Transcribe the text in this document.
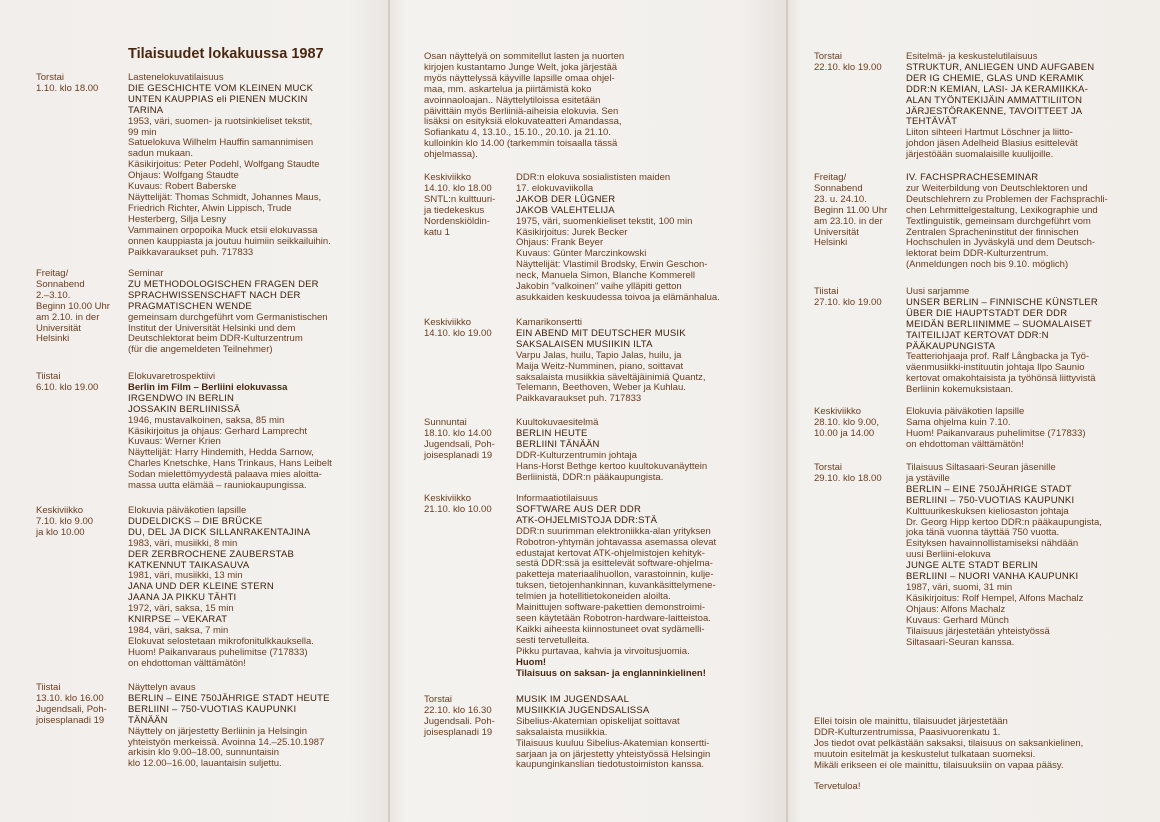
Tilaisuudet lokakuussa 1987
Torstai
1.10. klo 18.00
Lastenelokuvatilaisuus
DIE GESCHICHTE VOM KLEINEN MUCK
UNTEN KAUPPIAS eli PIENEN MUCKIN
TARINA
1953, väri, suomen- ja ruotsinkieliset tekstit,
99 min
Satuelokuva Wilhelm Hauffin samannimisen
sadun mukaan.
Käsikirjoitus: Peter Podehl, Wolfgang Staudte
Ohjaus: Wolfgang Staudte
Kuvaus: Robert Baberske
Näyttelijät: Thomas Schmidt, Johannes Maus,
Friedrich Richter, Alwin Lippisch, Trude
Hesterberg, Silja Lesny
Vammainen orpopoika Muck etsii elokuvassa
onnen kauppiasta ja joutuu huimiin seikkailuihin.
Paikkavaraukset puh. 717833
Freitag/
Sonnabend
2.–3.10.
Beginn 10.00 Uhr
am 2.10. in der
Universität
Helsinki
Seminar
ZU METHODOLOGISCHEN FRAGEN DER
SPRACHWISSENSCHAFT NACH DER
PRAGMATISCHEN WENDE
gemeinsam durchgeführt vom Germanistischen
Institut der Universität Helsinki und dem
Deutschlektorat beim DDR-Kulturzentrum
(für die angemeldeten Teilnehmer)
Tiistai
6.10. klo 19.00
Elokuvaretrospektiivi
Berlin im Film – Berliini elokuvassa
IRGENDWO IN BERLIN
JOSSAKIN BERLIINISSÄ
1946, mustavalkoinen, saksa, 85 min
Käsikirjoitus ja ohjaus: Gerhard Lamprecht
Kuvaus: Werner Krien
Näyttelijät: Harry Hindemith, Hedda Sarnow,
Charles Knetschke, Hans Trinkaus, Hans Leibelt
Sodan mielettömyydestä palaava mies aloitta-
massa uutta elämää – rauniokaupungissa.
Keskiviikko
7.10. klo 9.00
ja klo 10.00
Elokuvia päiväkotien lapsille
DUDELDICKS – DIE BRÜCKE
DU, DEL JA DICK SILLANRAKENTAJINA
1983, väri, musiikki, 8 min
DER ZERBROCHENE ZAUBERSTAB
KATKENNUT TAIKASAUVA
1981, väri, musiikki, 13 min
JANA UND DER KLEINE STERN
JAANA JA PIKKU TÄHTI
1972, väri, saksa, 15 min
KNIRPSE – VEKARAT
1984, väri, saksa, 7 min
Elokuvat selostetaan mikrofonitulkkauksella.
Huom! Paikanvaraus puhelimitse (717833)
on ehdottoman välttämätön!
Tiistai
13.10. klo 16.00
Jugendsali, Poh-
joisesplanadi 19
Näyttelyn avaus
BERLIN – EINE 750JÄHRIGE STADT HEUTE
BERLIINI – 750-VUOTIAS KAUPUNKI
TÄNÄÄN
Näyttely on järjestetty Berliinin ja Helsingin
yhteistyön merkeissä. Avoinna 14.–25.10.1987
arkisin klo 9.00–18.00, sunnuntaisin
klo 12.00–16.00, lauantaisin suljettu.
Osan näyttelyä on sommitellut lasten ja nuorten
kirjojen kustantamo Junge Welt, joka järjestää
myös näyttelyssä käyville lapsille omaa ohjel-
maa, mm. askartelua ja piirtämistä koko
avoinnaoloajan.. Näyttelytiloissa esitetään
päivittäin myös Berliiniä-aiheisia elokuvia. Sen
lisäksi on esityksiä elokuvateatteri Amandassa,
Sofiankatu 4, 13.10., 15.10., 20.10. ja 21.10.
kulloinkin klo 14.00 (tarkemmin toisaalla tässä
ohjelmassa).
Keskiviikko
14.10. klo 18.00
SNTL:n kulttuuri-
ja tiedekeskus
Nordenskiöldin-
katu 1
DDR:n elokuva sosialististen maiden
17. elokuvaviikolla
JAKOB DER LÜGNER
JAKOB VALEHTELIJA
1975, väri, suomenkieliset tekstit, 100 min
Käsikirjoitus: Jurek Becker
Ohjaus: Frank Beyer
Kuvaus: Günter Marczinkowski
Näyttelijät: Vlastimil Brodsky, Erwin Geschon-
neck, Manuela Simon, Blanche Kommerell
Jakobin "valkoinen" vaihe ylläpiti getton
asukkaiden keskuudessa toivoa ja elämänhalua.
Keskiviikko
14.10. klo 19.00
Kamarikonsertti
EIN ABEND MIT DEUTSCHER MUSIK
SAKSALAISEN MUSIIKIN ILTA
Varpu Jalas, huilu, Tapio Jalas, huilu, ja
Maija Weitz-Numminen, piano, soittavat
saksalaista musiikkia säveltäjäinimiä Quantz,
Telemann, Beethoven, Weber ja Kuhlau.
Paikkavaraukset puh. 717833
Sunnuntai
18.10. klo 14.00
Jugendsali, Poh-
joisesplanadi 19
Kuultokuvaesitelmä
BERLIN HEUTE
BERLIINI TÄNÄÄN
DDR-Kulturzentrumin johtaja
Hans-Horst Bethge kertoo kuultokuvanäyttein
Berliinistä, DDR:n pääkaupungista.
Keskiviikko
21.10. klo 10.00
Informaatiotilaisuus
SOFTWARE AUS DER DDR
ATK-OHJELMISTOJA DDR:STÄ
DDR:n suurimman elektroniikka-alan yrityksen
Robotron-yhtymän johtavassa asemassa olevat
edustajat kertovat ATK-ohjelmistojen kehityk-
sestä DDR:ssä ja esittelevät software-ohjelma-
paketteja materiaalihuollon, varastoinnin, kulje-
tuksen, tietojenhankinnan, kuvankäsittelymene-
telmien ja hotellitietokoneiden aloilta.
Mainittujen software-pakettien demonstroimi-
seen käytetään Robotron-hardware-laitteistoa.
Kaikki aiheesta kiinnostuneet ovat sydämelli-
sesti tervetulleita.
Pikku purtavaa, kahvia ja virvoitusjuomia.
Huom!
Tilaisuus on saksan- ja englanninkielinen!
Torstai
22.10. klo 16.30
Jugendsali. Poh-
joisesplanadi 19
MUSIK IM JUGENDSAAL
MUSIIKKIA JUGENDSALISSA
Sibelius-Akatemian opiskelijat soittavat
saksalaista musiikkia.
Tilaisuus kuuluu Sibelius-Akatemian konsertti-
sarjaan ja on järjestetty yhteistyössä Helsingin
kaupunginkanslian tiedotustoimiston kanssa.
Torstai
22.10. klo 19.00
Esitelmä- ja keskustelutilaisuus
STRUKTUR, ANLIEGEN UND AUFGABEN
DER IG CHEMIE, GLAS UND KERAMIK
DDR:N KEMIAN, LASI- JA KERAMIIKKA-
ALAN TYÖNTEKIJÄIN AMMATTILIITON
JÄRJESTÖRAKENNE, TAVOITTEET JA
TEHTÄVÄT
Liiton sihteeri Hartmut Löschner ja liitto-
johdon jäsen Adelheid Blasius esittelevät
järjestöään suomalaisille kuulijoille.
Freitag/
Sonnabend
23. u. 24.10.
Beginn 11.00 Uhr
am 23.10. in der
Universität
Helsinki
IV. FACHSPRACHESEMINAR
zur Weiterbildung von Deutschlektoren und
Deutschlehrern zu Problemen der Fachsprachli-
chen Lehrmittelgestaltung, Lexikographie und
Textlinguistik, gemeinsam durchgeführt vom
Zentralen Spracheninstitut der finnischen
Hochschulen in Jyväskylä und dem Deutsch-
lektorat beim DDR-Kulturzentrum.
(Anmeldungen noch bis 9.10. möglich)
Tiistai
27.10. klo 19.00
Uusi sarjamme
UNSER BERLIN – FINNISCHE KÜNSTLER
ÜBER DIE HAUPTSTADT DER DDR
MEIDÄN BERLIINIMME – SUOMALAISET
TAITEILIJAT KERTOVAT DDR:N
PÄÄKAUPUNGISTA
Teatteriohjaaja prof. Ralf Långbacka ja Työ-
väenmusiikki-instituutin johtaja Ilpo Saunio
kertovat omakohtaisista ja työhönsä liittyvistä
Berliinin kokemuksistaan.
Keskiviikko
28.10. klo 9.00,
10.00 ja 14.00
Elokuvia päiväkotien lapsille
Sama ohjelma kuin 7.10.
Huom! Paikanvaraus puhelimitse (717833)
on ehdottoman välttämätön!
Torstai
29.10. klo 18.00
Tilaisuus Siltasaari-Seuran jäsenille
ja ystäville
BERLIN – EINE 750JÄHRIGE STADT
BERLIINI – 750-VUOTIAS KAUPUNKI
Kulttuurikeskuksen kieliosaston johtaja
Dr. Georg Hipp kertoo DDR:n pääkaupungista,
joka tänä vuonna täyttää 750 vuotta.
Esityksen havainnollistamiseksi nähdään
uusi Berliini-elokuva
JUNGE ALTE STADT BERLIN
BERLIINI – NUORI VANHA KAUPUNKI
1987, väri, suomi, 31 min
Käsikirjoitus: Rolf Hempel, Alfons Machalz
Ohjaus: Alfons Machalz
Kuvaus: Gerhard Münch
Tilaisuus järjestetään yhteistyössä
Siltasaari-Seuran kanssa.
Ellei toisin ole mainittu, tilaisuudet järjestetään
DDR-Kulturzentrumissa, Paasivuorenkatu 1.
Jos tiedot ovat pelkästään saksaksi, tilaisuus on saksankielinen,
muutoin esitelmät ja keskustelut tulkataan suomeksi.
Mikäli erikseen ei ole mainittu, tilaisuuksiin on vapaa pääsy.

Tervetuloa!
